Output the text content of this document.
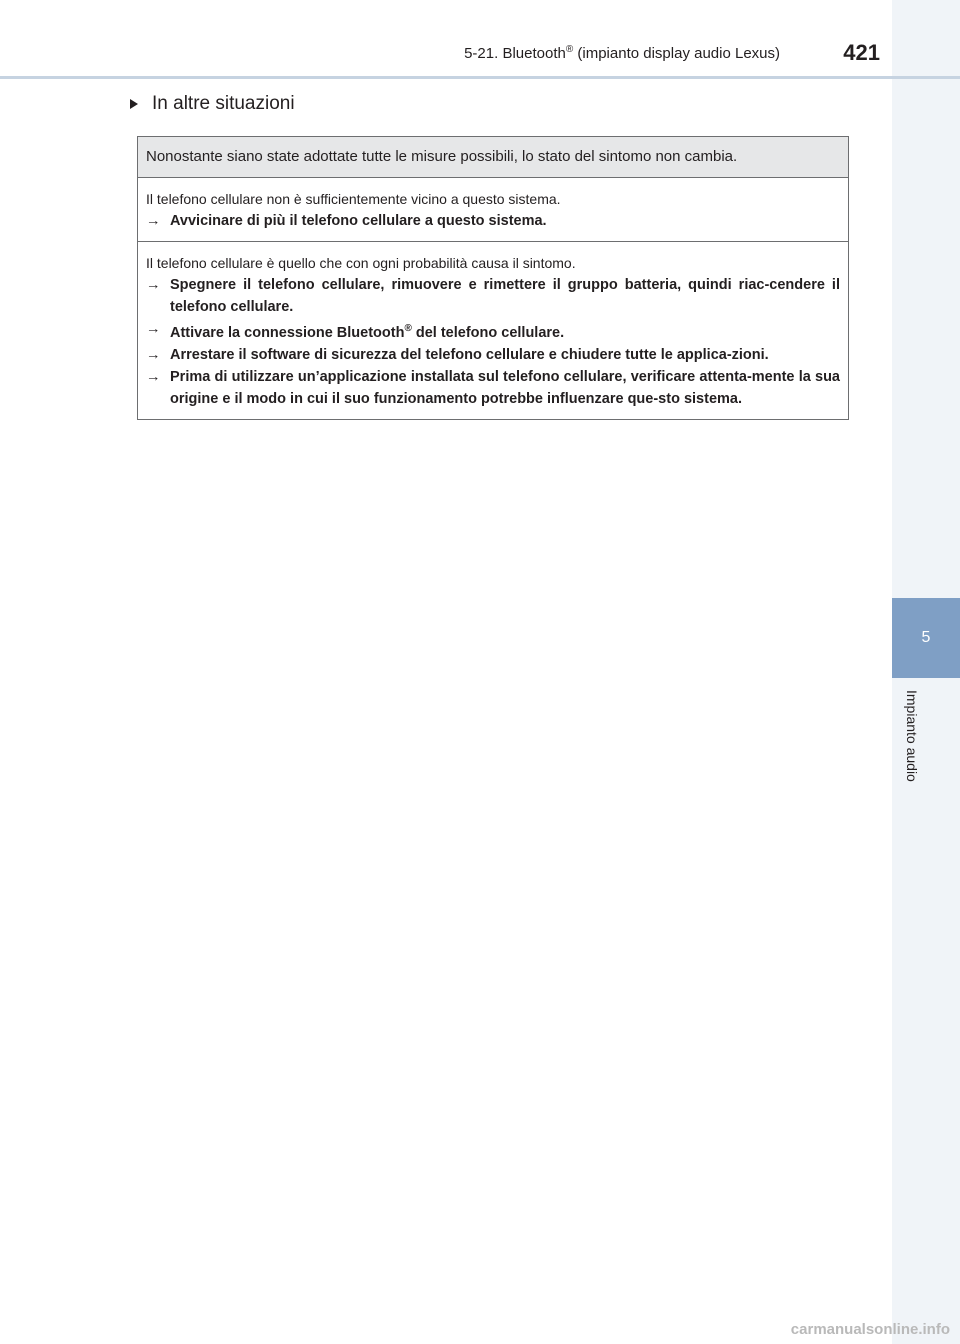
5-21. Bluetooth® (impianto display audio Lexus)	421
5
Impianto audio
In altre situazioni
Nonostante siano state adottate tutte le misure possibili, lo stato del sintomo non cambia.
Il telefono cellulare non è sufficientemente vicino a questo sistema.
→ Avvicinare di più il telefono cellulare a questo sistema.
Il telefono cellulare è quello che con ogni probabilità causa il sintomo.
→ Spegnere il telefono cellulare, rimuovere e rimettere il gruppo batteria, quindi riac-cendere il telefono cellulare.
→ Attivare la connessione Bluetooth® del telefono cellulare.
→ Arrestare il software di sicurezza del telefono cellulare e chiudere tutte le applica-zioni.
→ Prima di utilizzare un’applicazione installata sul telefono cellulare, verificare attenta-mente la sua origine e il modo in cui il suo funzionamento potrebbe influenzare que-sto sistema.
carmanualsonline.info
